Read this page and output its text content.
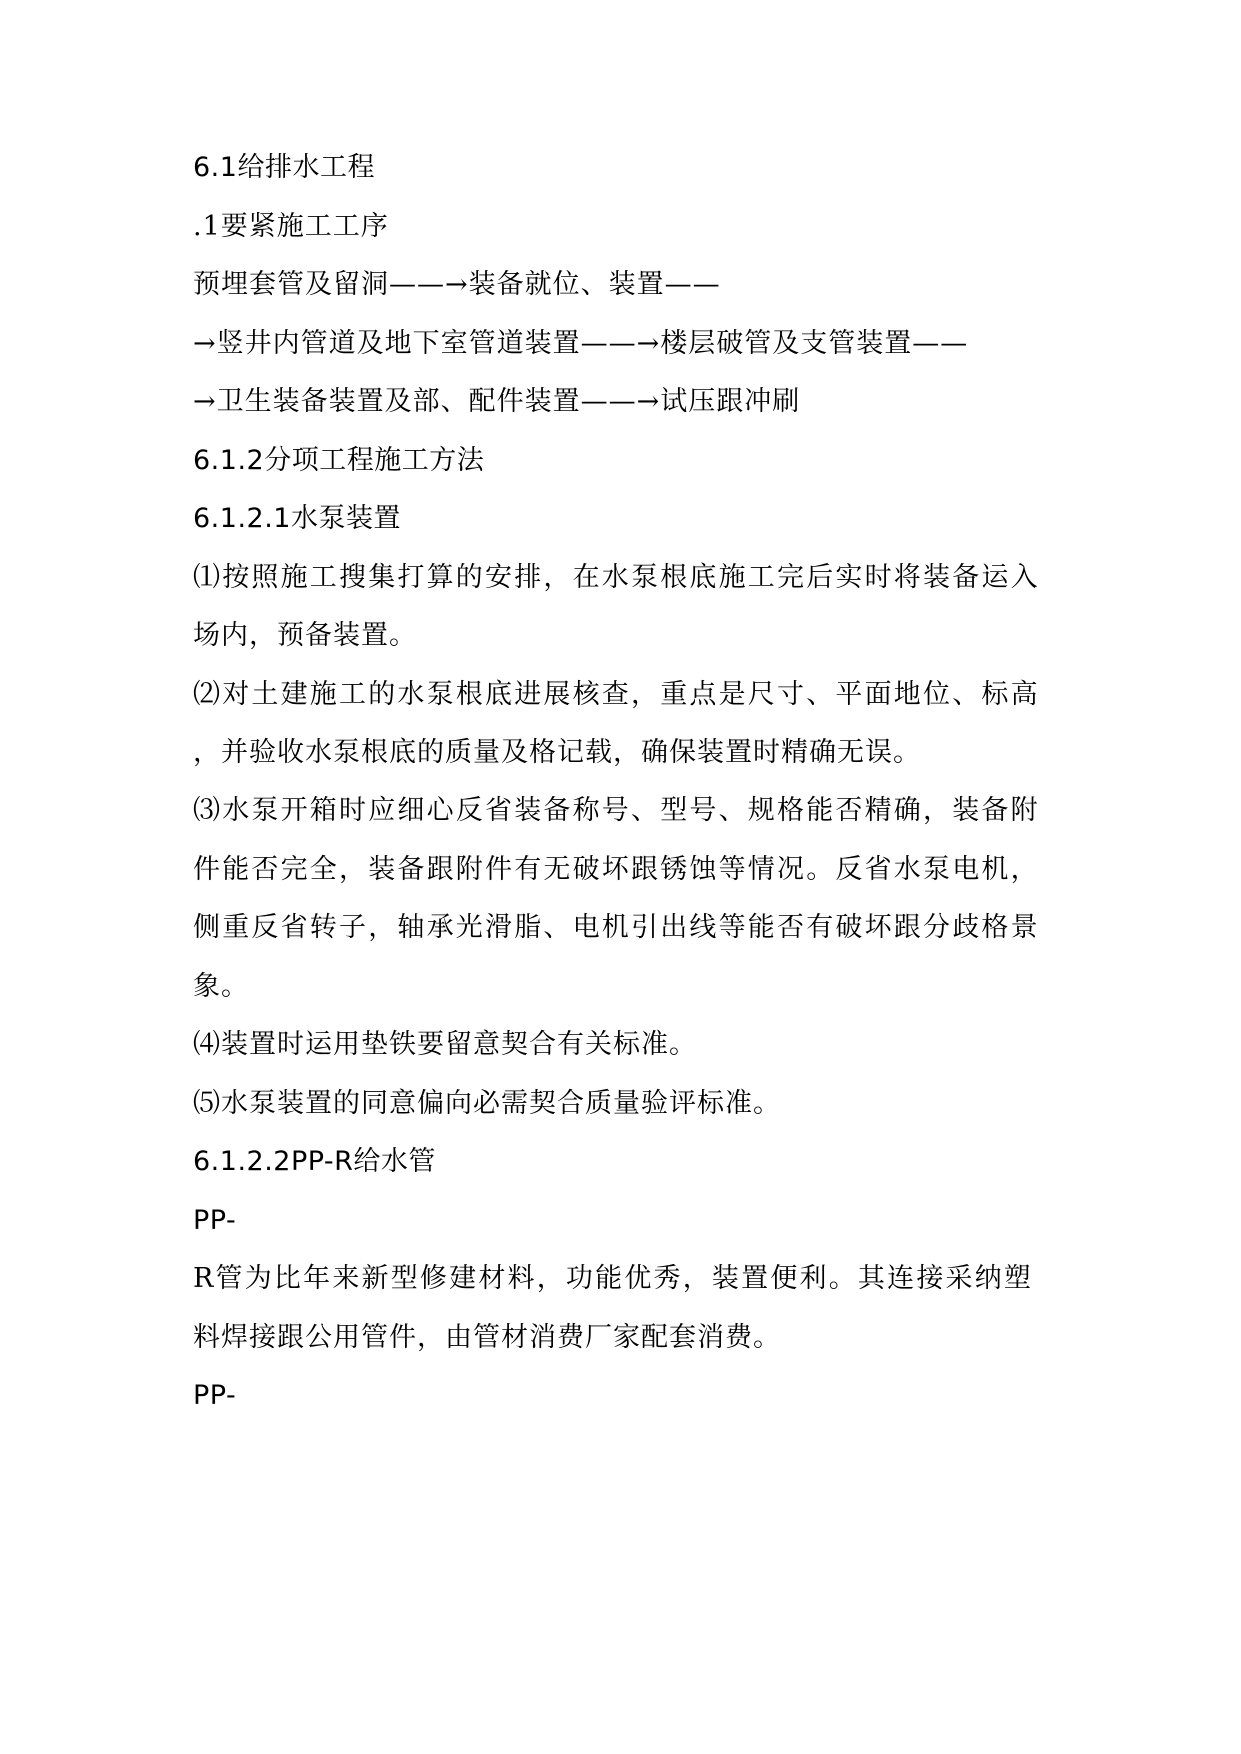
6.1给排水工程
.1要紧施工工序
预埋套管及留洞——→装备就位、装置——
→竖井内管道及地下室管道装置——→楼层破管及支管装置——
→卫生装备装置及部、配件装置——→试压跟冲刷
6.1.2分项工程施工方法
6.1.2.1水泵装置
⑴按照施工搜集打算的安排，在水泵根底施工完后实时将装备运入
场内，预备装置。
⑵对土建施工的水泵根底进展核查，重点是尺寸、平面地位、标高
，并验收水泵根底的质量及格记载，确保装置时精确无误。
⑶水泵开箱时应细心反省装备称号、型号、规格能否精确，装备附
件能否完全，装备跟附件有无破坏跟锈蚀等情况。反省水泵电机，
侧重反省转子，轴承光滑脂、电机引出线等能否有破坏跟分歧格景
象。
⑷装置时运用垫铁要留意契合有关标准。
⑸水泵装置的同意偏向必需契合质量验评标准。
6.1.2.2PP-R给水管
PP-
R管为比年来新型修建材料，功能优秀，装置便利。其连接采纳塑
料焊接跟公用管件，由管材消费厂家配套消费。
PP-
